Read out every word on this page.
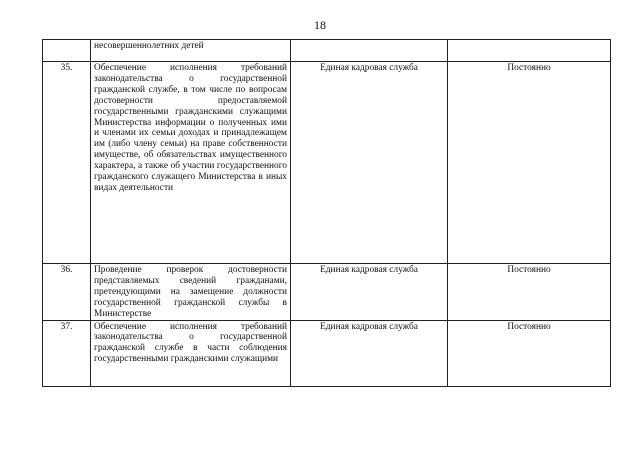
18
	несовершеннолетних детей		
35.	Обеспечение исполнения требований законодательства о государственной гражданской службе, в том числе по вопросам достоверности предоставляемой государственными гражданскими служащими Министерства информации о полученных ими и членами их семьи доходах и принадлежащем им (либо члену семьи) на праве собственности имуществе, об обязательствах имущественного характера, а также об участии государственного гражданского служащего Министерства в иных видах деятельности	Единая кадровая служба	Постоянно
36.	Проведение проверок достоверности представляемых сведений гражданами, претендующими на замещение должности государственной гражданской службы в Министерстве	Единая кадровая служба	Постоянно
37.	Обеспечение исполнения требований законодательства о государственной гражданской службе в части соблюдения государственными гражданскими служащими	Единая кадровая служба	Постоянно
